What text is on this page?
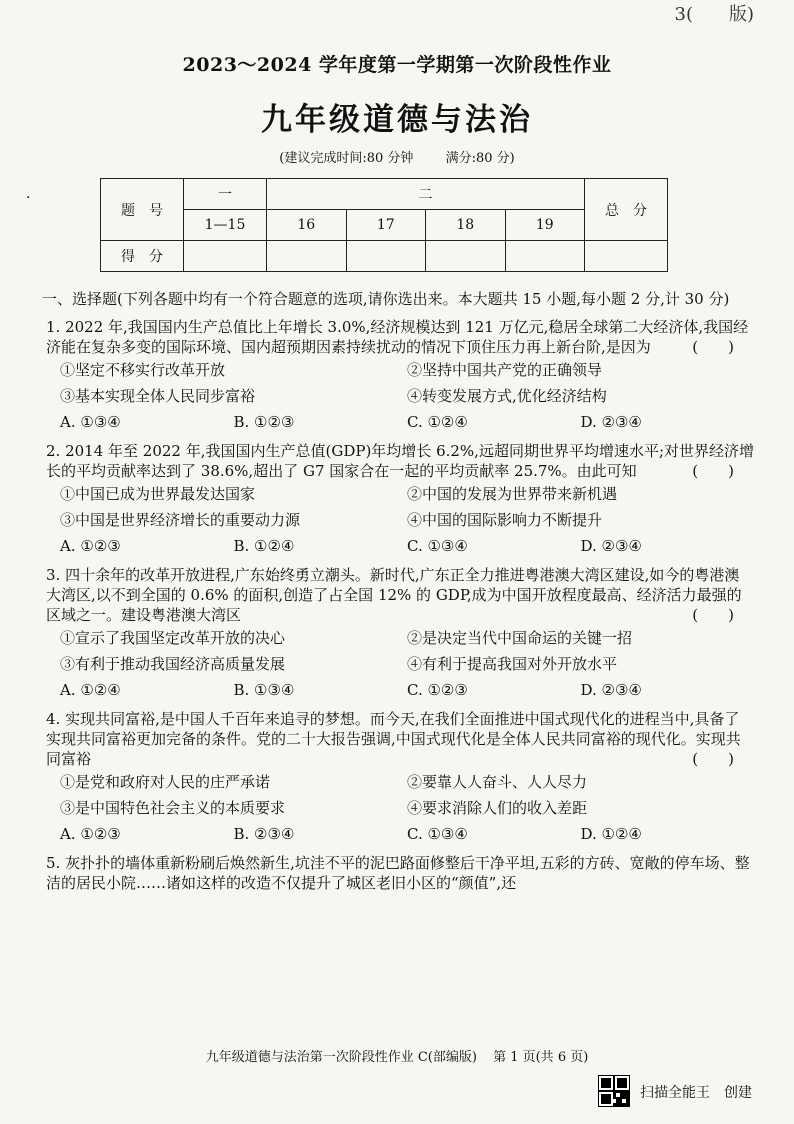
3(　　版)
2023～2024 学年度第一学期第一次阶段性作业
九年级道德与法治
(建议完成时间:80 分钟 满分:80 分)
·
题　号	一	二				总　分
	1—15	16	17	18	19	
得　分						
一、选择题(下列各题中均有一个符合题意的选项,请你选出来。本大题共 15 小题,每小题 2 分,计 30 分)
1. 2022 年,我国国内生产总值比上年增长 3.0%,经济规模达到 121 万亿元,稳居全球第二大经济体,我国经济能在复杂多变的国际环境、国内超预期因素持续扰动的情况下顶住压力再上新台阶,是因为	(　　)
①坚定不移实行改革开放	②坚持中国共产党的正确领导
③基本实现全体人民同步富裕	④转变发展方式,优化经济结构
A. ①③④	B. ①②③	C. ①②④	D. ②③④
2. 2014 年至 2022 年,我国国内生产总值(GDP)年均增长 6.2%,远超同期世界平均增速水平;对世界经济增长的平均贡献率达到了 38.6%,超出了 G7 国家合在一起的平均贡献率 25.7%。由此可知	(　　)
①中国已成为世界最发达国家	②中国的发展为世界带来新机遇
③中国是世界经济增长的重要动力源	④中国的国际影响力不断提升
A. ①②③	B. ①②④	C. ①③④	D. ②③④
3. 四十余年的改革开放进程,广东始终勇立潮头。新时代,广东正全力推进粤港澳大湾区建设,如今的粤港澳大湾区,以不到全国的 0.6% 的面积,创造了占全国 12% 的 GDP,成为中国开放程度最高、经济活力最强的区域之一。建设粤港澳大湾区	(　　)
①宣示了我国坚定改革开放的决心	②是决定当代中国命运的关键一招
③有利于推动我国经济高质量发展	④有利于提高我国对外开放水平
A. ①②④	B. ①③④	C. ①②③	D. ②③④
4. 实现共同富裕,是中国人千百年来追寻的梦想。而今天,在我们全面推进中国式现代化的进程当中,具备了实现共同富裕更加完备的条件。党的二十大报告强调,中国式现代化是全体人民共同富裕的现代化。实现共同富裕	(　　)
①是党和政府对人民的庄严承诺	②要靠人人奋斗、人人尽力
③是中国特色社会主义的本质要求	④要求消除人们的收入差距
A. ①②③	B. ②③④	C. ①③④	D. ①②④
5. 灰扑扑的墙体重新粉刷后焕然新生,坑洼不平的泥巴路面修整后干净平坦,五彩的方砖、宽敞的停车场、整洁的居民小院……诸如这样的改造不仅提升了城区老旧小区的“颜值”,还
九年级道德与法治第一次阶段性作业 C(部编版) 第 1 页(共 6 页)
扫描全能王　创建
